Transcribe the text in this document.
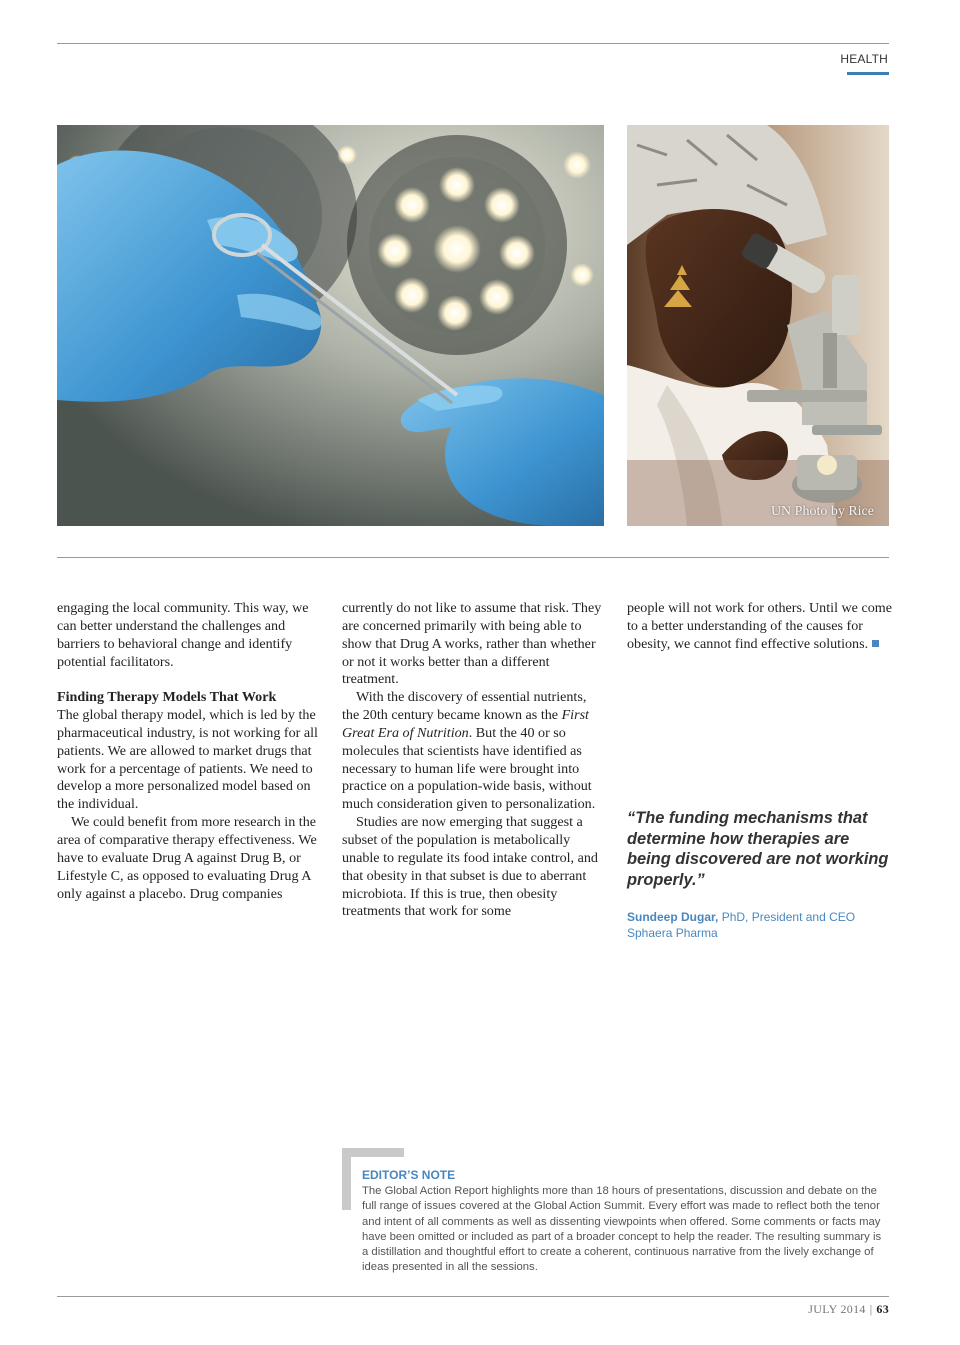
HEALTH
UN Photo by Rice

engaging the local community. This way, we can better understand the challenges and barriers to behavioral change and identify potential facilitators.

Finding Therapy Models That Work

The global therapy model, which is led by the pharmaceutical industry, is not working for all patients. We are allowed to market drugs that work for a percentage of patients. We need to develop a more personalized model based on the individual.

We could benefit from more research in the area of comparative therapy effectiveness. We have to evaluate Drug A against Drug B, or Lifestyle C, as opposed to evaluating Drug A only against a placebo. Drug companies

currently do not like to assume that risk. They are concerned primarily with being able to show that Drug A works, rather than whether or not it works better than a different treatment.

With the discovery of essential nutrients, the 20th century became known as the First Great Era of Nutrition. But the 40 or so molecules that scientists have identified as necessary to human life were brought into practice on a population-wide basis, without much consideration given to personalization.

Studies are now emerging that suggest a subset of the population is metabolically unable to regulate its food intake control, and that obesity in that subset is due to aberrant microbiota. If this is true, then obesity treatments that work for some

people will not work for others. Until we come to a better understanding of the causes for obesity, we cannot find effective solutions.

“The funding mechanisms that determine how therapies are being discovered are not working properly.”
Sundeep Dugar, PhD, President and CEO
Sphaera Pharma
EDITOR’S NOTE
The Global Action Report highlights more than 18 hours of presentations, discussion and debate on the full range of issues covered at the Global Action Summit. Every effort was made to reflect both the tenor and intent of all comments as well as dissenting viewpoints when offered. Some comments or facts may have been omitted or included as part of a broader concept to help the reader. The resulting summary is a distillation and thoughtful effort to create a coherent, continuous narrative from the lively exchange of ideas presented in all the sessions.
JULY 2014 | 63
